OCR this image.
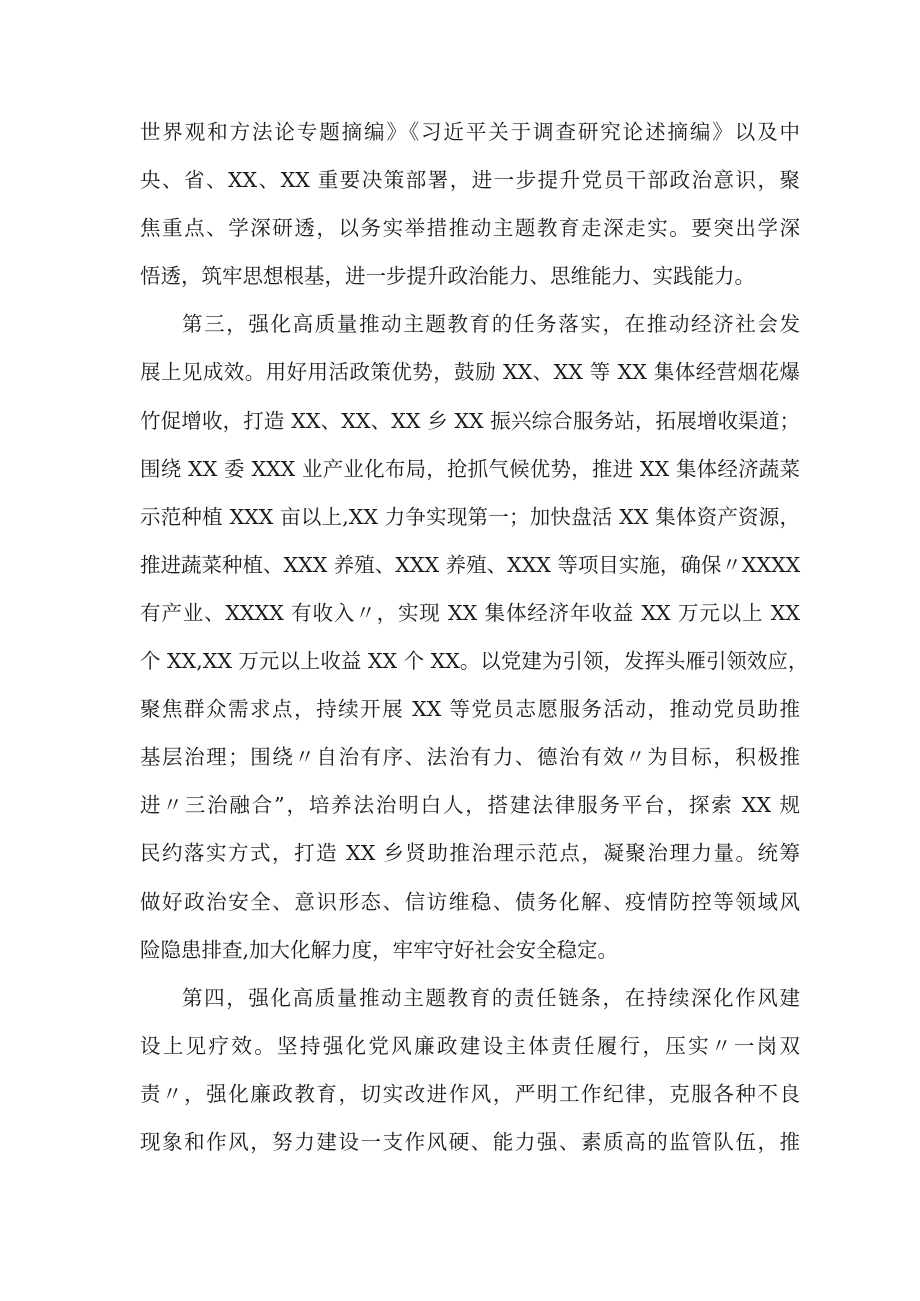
世界观和方法论专题摘编》《习近平关于调查研究论述摘编》以及中
央、省、XX、XX 重要决策部署，进一步提升党员干部政治意识，聚
焦重点、学深研透，以务实举措推动主题教育走深走实。要突出学深
悟透，筑牢思想根基，进一步提升政治能力、思维能力、实践能力。
第三，强化高质量推动主题教育的任务落实，在推动经济社会发
展上见成效。用好用活政策优势，鼓励 XX、XX 等 XX 集体经营烟花爆
竹促增收，打造 XX、XX、XX 乡 XX 振兴综合服务站，拓展增收渠道；
围绕 XX 委 XXX 业产业化布局，抢抓气候优势，推进 XX 集体经济蔬菜
示范种植 XXX 亩以上,XX 力争实现第一；加快盘活 XX 集体资产资源，
推进蔬菜种植、XXX 养殖、XXX 养殖、XXX 等项目实施，确保〃XXXX
有产业、XXXX 有收入〃，实现 XX 集体经济年收益 XX 万元以上 XX
个 XX,XX 万元以上收益 XX 个 XX。以党建为引领，发挥头雁引领效应，
聚焦群众需求点，持续开展 XX 等党员志愿服务活动，推动党员助推
基层治理；围绕〃自治有序、法治有力、德治有效〃为目标，积极推
进〃三治融合”，培养法治明白人，搭建法律服务平台，探索 XX 规
民约落实方式，打造 XX 乡贤助推治理示范点，凝聚治理力量。统筹
做好政治安全、意识形态、信访维稳、债务化解、疫情防控等领域风
险隐患排查,加大化解力度，牢牢守好社会安全稳定。
第四，强化高质量推动主题教育的责任链条，在持续深化作风建
设上见疗效。坚持强化党风廉政建设主体责任履行，压实〃一岗双
责〃，强化廉政教育，切实改进作风，严明工作纪律，克服各种不良
现象和作风，努力建设一支作风硬、能力强、素质高的监管队伍，推
